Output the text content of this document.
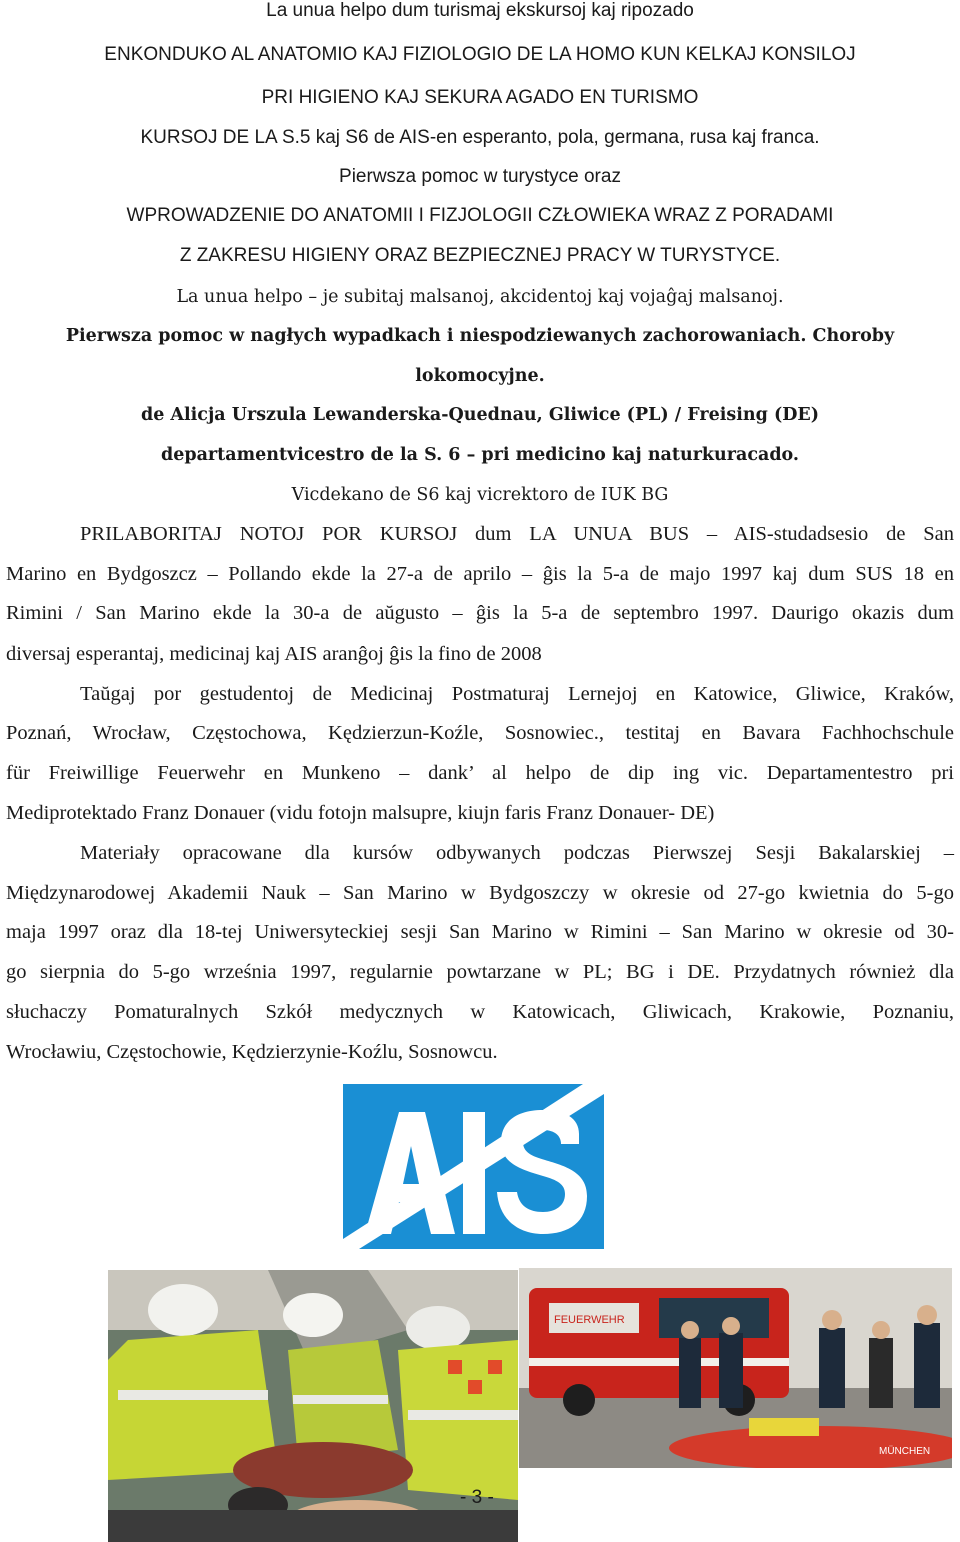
La unua helpo dum turismaj ekskursoj kaj ripozado
ENKONDUKO AL ANATOMIO KAJ FIZIOLOGIO DE LA HOMO KUN KELKAJ KONSILOJ
PRI HIGIENO KAJ SEKURA AGADO EN TURISMO
KURSOJ DE LA S.5 kaj S6 de AIS-en esperanto, pola, germana, rusa kaj franca.
Pierwsza pomoc w turystyce oraz
WPROWADZENIE DO ANATOMII I FIZJOLOGII CZŁOWIEKA WRAZ Z PORADAMI
Z ZAKRESU HIGIENY ORAZ BEZPIECZNEJ PRACY W TURYSTYCE.
La unua helpo – je subitaj malsanoj, akcidentoj kaj vojaĝaj malsanoj.
Pierwsza pomoc w nagłych wypadkach i niespodziewanych zachorowaniach. Choroby
lokomocyjne.
de Alicja Urszula Lewanderska-Quednau, Gliwice (PL) / Freising (DE)
departamentvicestro de la S. 6 – pri medicino kaj naturkuracado.
Vicdekano de S6 kaj vicrektoro de IUK BG
PRILABORITAJ NOTOJ POR KURSOJ dum LA UNUA BUS – AIS-studadsesio de San
Marino en Bydgoszcz – Pollando ekde la 27-a de aprilo – ĝis la 5-a de majo 1997 kaj dum SUS 18 en
Rimini / San Marino ekde la 30-a de aŭgusto – ĝis la 5-a de septembro 1997. Daurigo okazis dum
diversaj esperantaj, medicinaj kaj AIS aranĝoj ĝis la fino de 2008
Taŭgaj por gestudentoj de Medicinaj Postmaturaj Lernejoj en Katowice, Gliwice, Kraków,
Poznań, Wrocław, Częstochowa, Kędzierzun-Koźle, Sosnowiec., testitaj en Bavara Fachhochschule
für Freiwillige Feuerwehr en Munkeno – dank’ al helpo de dip ing vic. Departamentestro pri
Mediprotektado Franz Donauer (vidu fotojn malsupre, kiujn faris Franz Donauer- DE)
Materiały opracowane dla kursów odbywanych podczas Pierwszej Sesji Bakalarskiej –
Międzynarodowej Akademii Nauk – San Marino w Bydgoszczy w okresie od 27-go kwietnia do 5-go
maja 1997 oraz dla 18-tej Uniwersyteckiej sesji San Marino w Rimini – San Marino w okresie od 30-
go sierpnia do 5-go września 1997, regularnie powtarzane w PL; BG i DE. Przydatnych również dla
słuchaczy Pomaturalnych Szkół medycznych w Katowicach, Gliwicach, Krakowie, Poznaniu,
Wrocławiu, Częstochowie, Kędzierzynie-Koźlu, Sosnowcu.
FEUERWEHR
MÜNCHEN
- 3 -
